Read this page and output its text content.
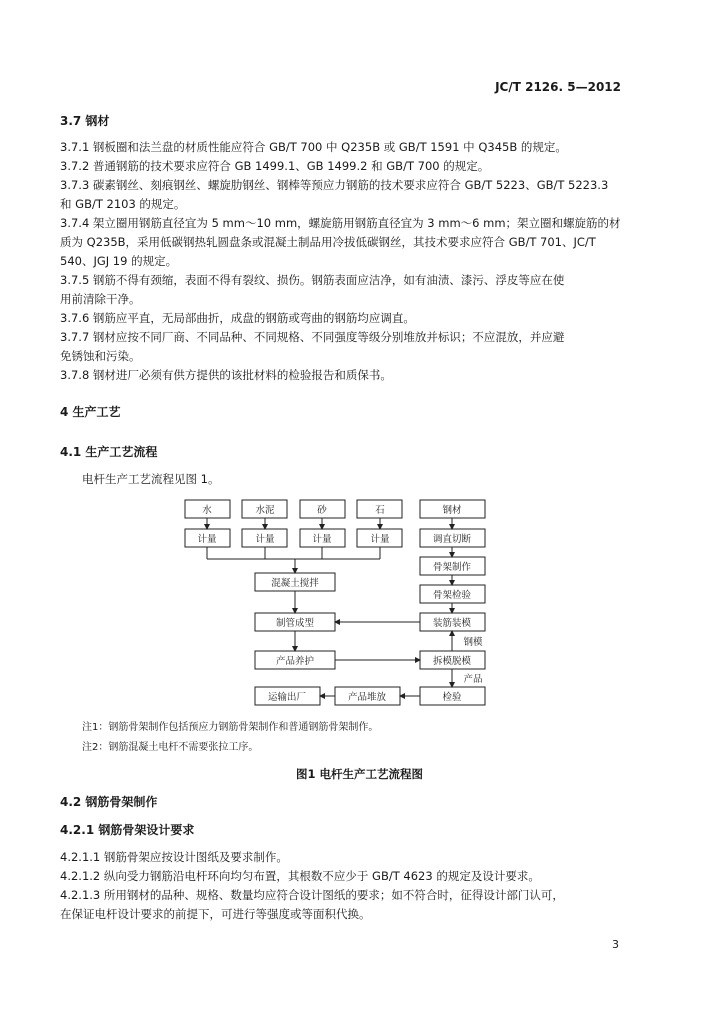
JC/T 2126. 5—2012
3.7 钢材
3.7.1 钢板圈和法兰盘的材质性能应符合 GB/T 700 中 Q235B 或 GB/T 1591 中 Q345B 的规定。
3.7.2 普通钢筋的技术要求应符合 GB 1499.1、GB 1499.2 和 GB/T 700 的规定。
3.7.3 碳素钢丝、刻痕钢丝、螺旋肋钢丝、钢棒等预应力钢筋的技术要求应符合 GB/T 5223、GB/T 5223.3
和 GB/T 2103 的规定。
3.7.4 架立圈用钢筋直径宜为 5 mm～10 mm，螺旋筋用钢筋直径宜为 3 mm～6 mm；架立圈和螺旋筋的材
质为 Q235B，采用低碳钢热轧圆盘条或混凝土制品用冷拔低碳钢丝，其技术要求应符合 GB/T 701、JC/T
540、JGJ 19 的规定。
3.7.5 钢筋不得有颈缩，表面不得有裂纹、损伤。钢筋表面应洁净，如有油渍、漆污、浮皮等应在使
用前清除干净。
3.7.6 钢筋应平直，无局部曲折，成盘的钢筋或弯曲的钢筋均应调直。
3.7.7 钢材应按不同厂商、不同品种、不同规格、不同强度等级分别堆放并标识；不应混放，并应避
免锈蚀和污染。
3.7.8 钢材进厂必须有供方提供的该批材料的检验报告和质保书。
4 生产工艺
4.1 生产工艺流程
电杆生产工艺流程见图 1。
水	水泥	砂	石
计量	计量	计量	计量
钢材
调直切断
骨架制作
骨架检验
混凝土搅拌
制管成型	装筋装模
产品养护	拆模脱模
检验
产品堆放
运输出厂
钢模
产品
注1：钢筋骨架制作包括预应力钢筋骨架制作和普通钢筋骨架制作。
注2：钢筋混凝土电杆不需要张拉工序。
图1 电杆生产工艺流程图
4.2 钢筋骨架制作
4.2.1 钢筋骨架设计要求
4.2.1.1 钢筋骨架应按设计图纸及要求制作。
4.2.1.2 纵向受力钢筋沿电杆环向均匀布置，其根数不应少于 GB/T 4623 的规定及设计要求。
4.2.1.3 所用钢材的品种、规格、数量均应符合设计图纸的要求；如不符合时，征得设计部门认可，
在保证电杆设计要求的前提下，可进行等强度或等面积代换。
3
